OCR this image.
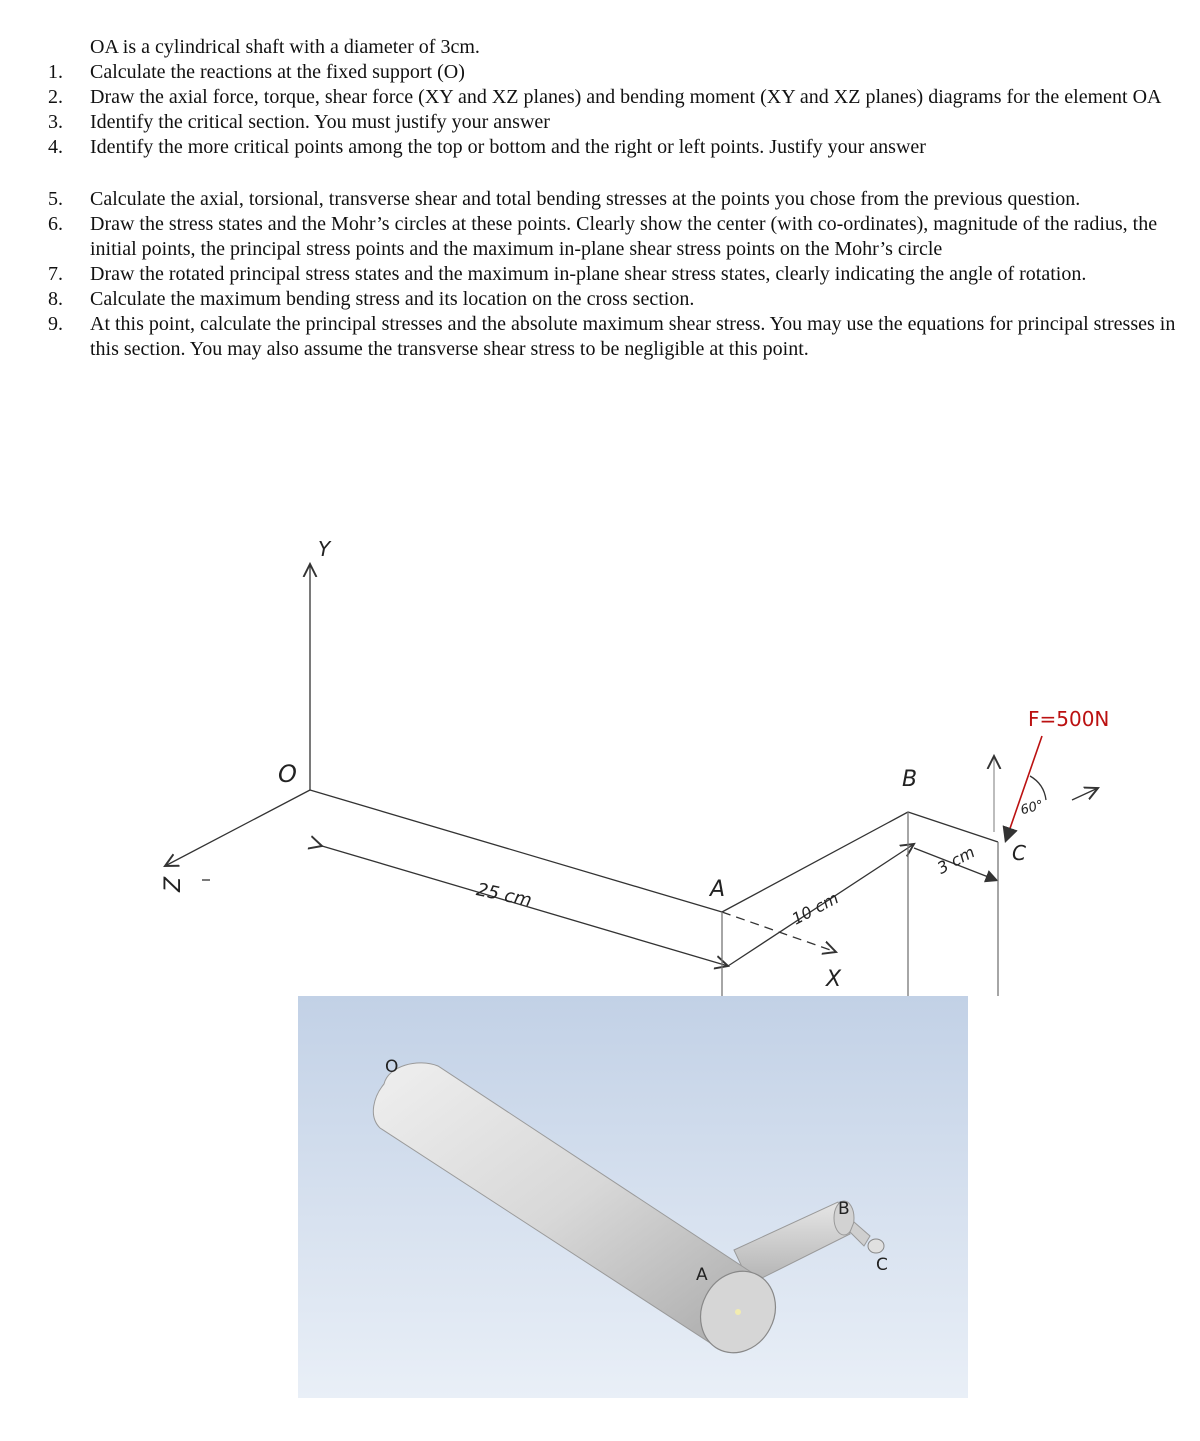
OA is a cylindrical shaft with a diameter of 3cm.
1.	Calculate the reactions at the fixed support (O)
2.	Draw the axial force, torque, shear force (XY and XZ planes) and bending moment (XY and XZ planes) diagrams for the element OA
3.	Identify the critical section. You must justify your answer
4.	Identify the more critical points among the top or bottom and the right or left points. Justify your answer
5.	Calculate the axial, torsional, transverse shear and total bending stresses at the points you chose from the previous question.
6.	Draw the stress states and the Mohr’s circles at these points. Clearly show the center (with co-ordinates), magnitude of the radius, the initial points, the principal stress points and the maximum in-plane shear stress points on the Mohr’s circle
7.	Draw the rotated principal stress states and the maximum in-plane shear stress states, clearly indicating the angle of rotation.
8.	Calculate the maximum bending stress and its location on the cross section.
9.	At this point, calculate the principal stresses and the absolute maximum shear stress. You may use the equations for principal stresses in this section. You may also assume the transverse shear stress to be negligible at this point.
Y
Z
X
O
A
B
C
25 cm	10 cm
3 cm
F=500N
60°
O
A
B
C
